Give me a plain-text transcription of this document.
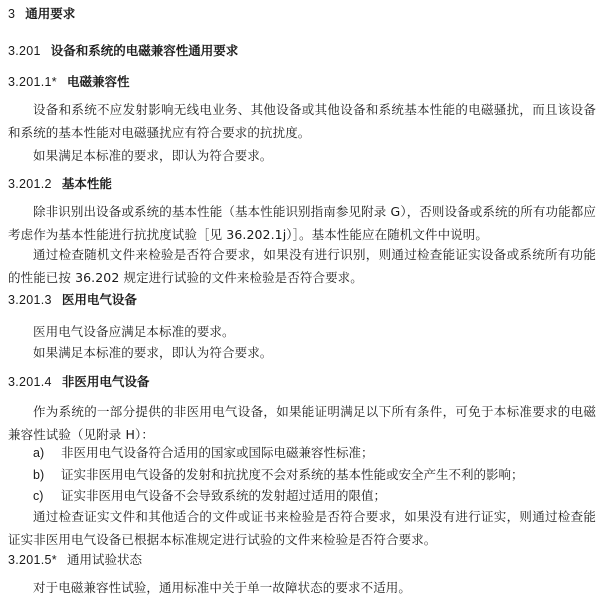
3 通用要求
3.201 设备和系统的电磁兼容性通用要求
3.201.1* 电磁兼容性
设备和系统不应发射影响无线电业务、其他设备或其他设备和系统基本性能的电磁骚扰，而且该设备和系统的基本性能对电磁骚扰应有符合要求的抗扰度。
如果满足本标准的要求，即认为符合要求。
3.201.2 基本性能
除非识别出设备或系统的基本性能（基本性能识别指南参见附录 G），否则设备或系统的所有功能都应考虑作为基本性能进行抗扰度试验［见 36.202.1j）］。基本性能应在随机文件中说明。
通过检查随机文件来检验是否符合要求，如果没有进行识别，则通过检查能证实设备或系统所有功能的性能已按 36.202 规定进行试验的文件来检验是否符合要求。
3.201.3 医用电气设备
医用电气设备应满足本标准的要求。
如果满足本标准的要求，即认为符合要求。
3.201.4 非医用电气设备
作为系统的一部分提供的非医用电气设备，如果能证明满足以下所有条件，可免于本标准要求的电磁兼容性试验（见附录 H）：
a) 非医用电气设备符合适用的国家或国际电磁兼容性标准；
b) 证实非医用电气设备的发射和抗扰度不会对系统的基本性能或安全产生不利的影响；
c) 证实非医用电气设备不会导致系统的发射超过适用的限值；
通过检查证实文件和其他适合的文件或证书来检验是否符合要求，如果没有进行证实，则通过检查能证实非医用电气设备已根据本标准规定进行试验的文件来检验是否符合要求。
3.201.5* 通用试验状态
对于电磁兼容性试验，通用标准中关于单一故障状态的要求不适用。
